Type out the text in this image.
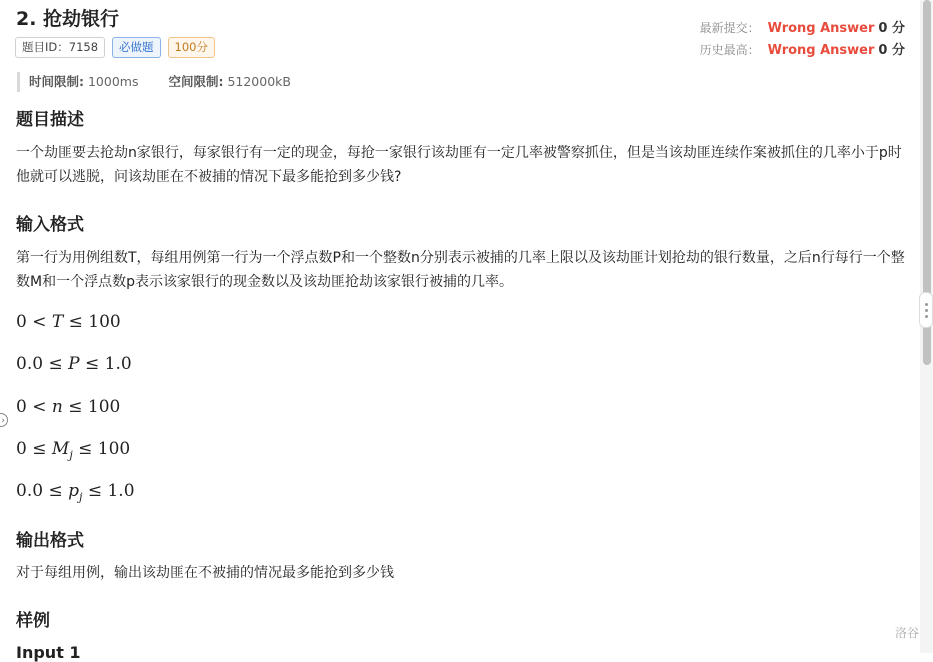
2. 抢劫银行
题目ID：7158	必做题	100分
最新提交： Wrong Answer 0 分
历史最高： Wrong Answer 0 分
时间限制: 1000ms 空间限制: 512000kB
题目描述

一个劫匪要去抢劫n家银行，每家银行有一定的现金，每抢一家银行该劫匪有一定几率被警察抓住，但是当该劫匪连续作案被抓住的几率小于p时他就可以逃脱，问该劫匪在不被捕的情况下最多能抢到多少钱?

输入格式

第一行为用例组数T，每组用例第一行为一个浮点数P和一个整数n分别表示被捕的几率上限以及该劫匪计划抢劫的银行数量，之后n行每行一个整数M和一个浮点数p表示该家银行的现金数以及该劫匪抢劫该家银行被捕的几率。

0 < T ≤ 100
0.0 ≤ P ≤ 1.0
0 < n ≤ 100
$0 \le M_j \le 100$
$0.0 \le p_j \le 1.0$
输出格式

对于每组用例，输出该劫匪在不被捕的情况最多能抢到多少钱

样例
Input 1
›
洛谷
